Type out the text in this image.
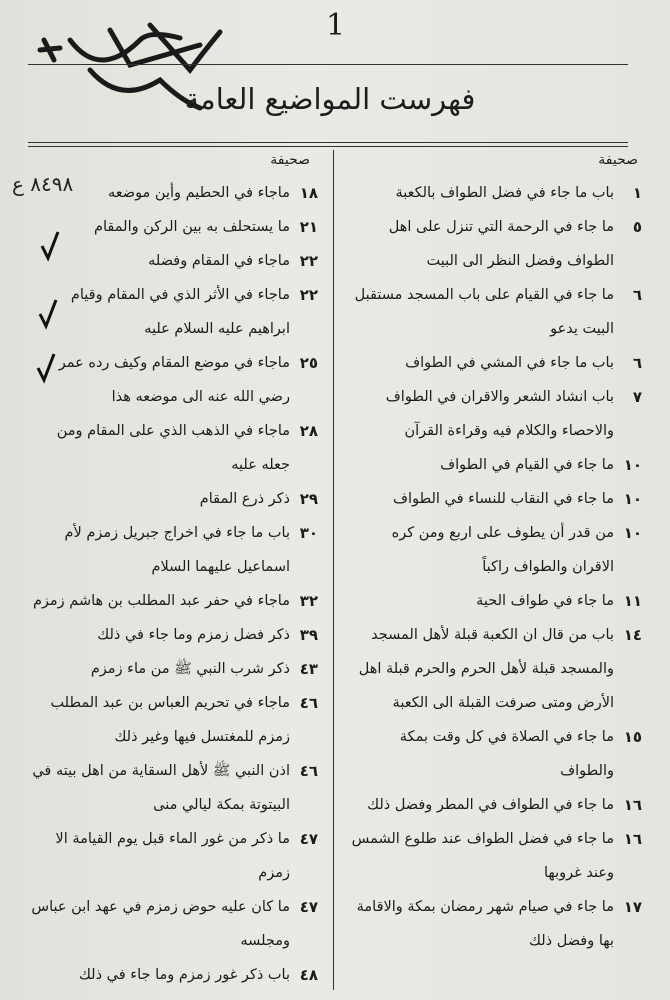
1
فهرست المواضيع العامة
٨٤٩٨ ع
صحيفة
صحيفة
١
باب ما جاء في فضل الطواف بالكعبة
٥
ما جاء في الرحمة التي تنزل على اهل الطواف وفضل النظر الى البيت
٦
ما جاء في القيام على باب المسجد مستقبل البيت يدعو
٦
باب ما جاء في المشي في الطواف
٧
باب انشاد الشعر والاقران في الطواف والاحصاء والكلام فيه وقراءة القرآن
١٠
ما جاء في القيام في الطواف
١٠
ما جاء في النقاب للنساء في الطواف
١٠
من قدر أن يطوف على اربع ومن كره الاقران والطواف راكباً
١١
ما جاء في طواف الحية
١٤
باب من قال ان الكعبة قبلة لأهل المسجد والمسجد قبلة لأهل الحرم والحرم قبلة اهل الأرض ومتى صرفت القبلة الى الكعبة
١٥
ما جاء في الصلاة في كل وقت بمكة والطواف
١٦
ما جاء في الطواف في المطر وفضل ذلك
١٦
ما جاء في فضل الطواف عند طلوع الشمس وعند غروبها
١٧
ما جاء في صيام شهر رمضان بمكة والاقامة بها وفضل ذلك
١٨
ماجاء في الحطيم وأين موضعه
٢١
ما يستحلف به بين الركن والمقام
٢٢
ماجاء في المقام وفضله
٢٢
ماجاء في الأثر الذي في المقام وقيام ابراهيم عليه السلام عليه
٢٥
ماجاء في موضع المقام وكيف رده عمر رضي الله عنه الى موضعه هذا
٢٨
ماجاء في الذهب الذي على المقام ومن جعله عليه
٢٩
ذكر ذرع المقام
٣٠
باب ما جاء في اخراج جبريل زمزم لأم اسماعيل عليهما السلام
٣٢
ماجاء في حفر عبد المطلب بن هاشم زمزم
٣٩
ذكر فضل زمزم وما جاء في ذلك
٤٣
ذكر شرب النبي ﷺ من ماء زمزم
٤٦
ماجاء في تحريم العباس بن عبد المطلب زمزم للمغتسل فيها وغير ذلك
٤٦
اذن النبي ﷺ لأهل السقاية من اهل بيته في البيتوتة بمكة ليالي منى
٤٧
ما ذكر من غور الماء قبل يوم القيامة الا زمزم
٤٧
ما كان عليه حوض زمزم في عهد ابن عباس ومجلسه
٤٨
باب ذكر غور زمزم وما جاء في ذلك
